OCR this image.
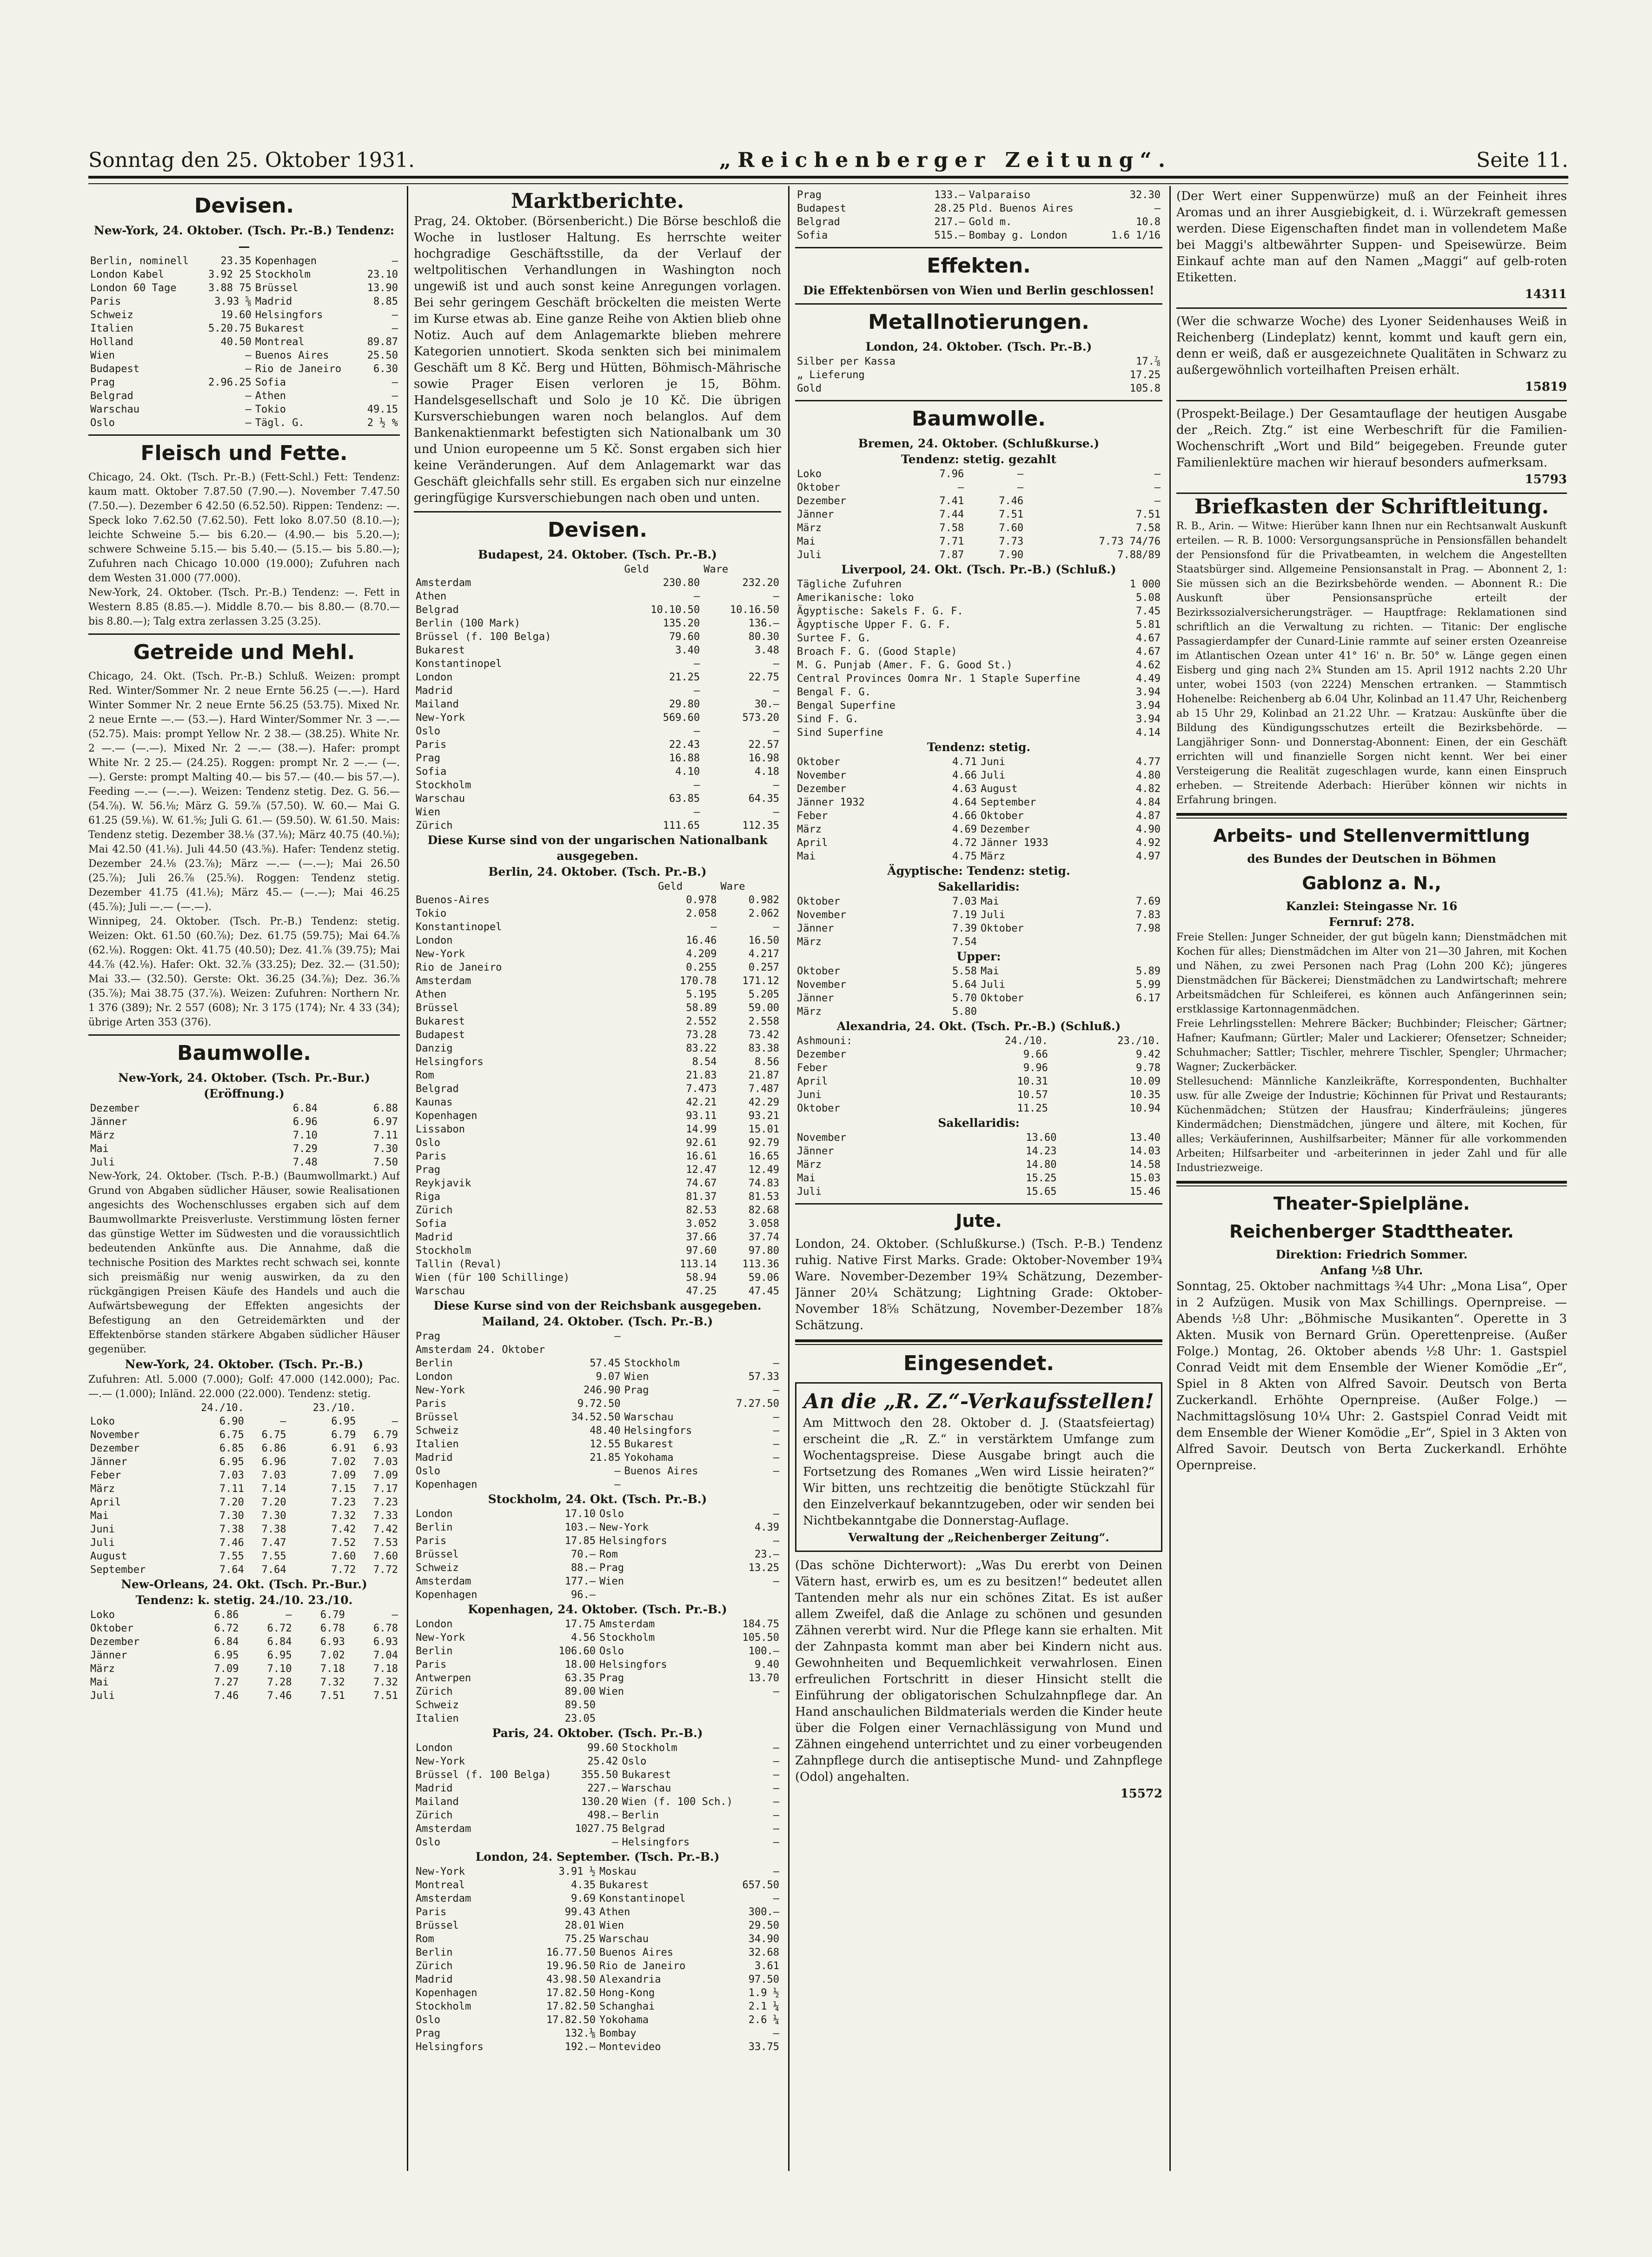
Sonntag den 25. Oktober 1931.	„Reichenberger Zeitung“.	Seite 11.
Devisen.
New-York, 24. Oktober. (Tsch. Pr.-B.) Tendenz: —
Berlin, nominell	23.35	Kopenhagen	—
London Kabel	3.92 25	Stockholm	23.10
London 60 Tage	3.88 75	Brüssel	13.90
Paris	3.93 ⅝	Madrid	8.85
Schweiz	19.60	Helsingfors	—
Italien	5.20.75	Bukarest	—
Holland	40.50	Montreal	89.87
Wien	—	Buenos Aires	25.50
Budapest	—	Rio de Janeiro	6.30
Prag	2.96.25	Sofia	—
Belgrad	—	Athen	—
Warschau	—	Tokio	49.15
Oslo	—	Tägl. G.	2 ½ %
Fleisch und Fette.

Chicago, 24. Okt. (Tsch. Pr.-B.) (Fett-Schl.) Fett: Tendenz: kaum matt. Oktober 7.87.50 (7.90.—). November 7.47.50 (7.50.—). Dezember 6 42.50 (6.52.50). Rippen: Tendenz: —. Speck loko 7.62.50 (7.62.50). Fett loko 8.07.50 (8.10.—); leichte Schweine 5.— bis 6.20.— (4.90.— bis 5.20.—); schwere Schweine 5.15.— bis 5.40.— (5.15.— bis 5.80.—); Zufuhren nach Chicago 10.000 (19.000); Zufuhren nach dem Westen 31.000 (77.000).

New-York, 24. Oktober. (Tsch. Pr.-B.) Tendenz: —. Fett in Western 8.85 (8.85.—). Middle 8.70.— bis 8.80.— (8.70.— bis 8.80.—); Talg extra zerlassen 3.25 (3.25).

Getreide und Mehl.

Chicago, 24. Okt. (Tsch. Pr.-B.) Schluß. Weizen: prompt Red. Winter/Sommer Nr. 2 neue Ernte 56.25 (—.—). Hard Winter Sommer Nr. 2 neue Ernte 56.25 (53.75). Mixed Nr. 2 neue Ernte —.— (53.—). Hard Winter/Sommer Nr. 3 —.— (52.75). Mais: prompt Yellow Nr. 2 38.— (38.25). White Nr. 2 —.— (—.—). Mixed Nr. 2 —.— (38.—). Hafer: prompt White Nr. 2 25.— (24.25). Roggen: prompt Nr. 2 —.— (—.—). Gerste: prompt Malting 40.— bis 57.— (40.— bis 57.—). Feeding —.— (—.—). Weizen: Tendenz stetig. Dez. G. 56.— (54.⅞). W. 56.⅛; März G. 59.⅞ (57.50). W. 60.— Mai G. 61.25 (59.⅛). W. 61.⅝; Juli G. 61.— (59.50). W. 61.50. Mais: Tendenz stetig. Dezember 38.⅛ (37.⅛); März 40.75 (40.⅛); Mai 42.50 (41.⅛). Juli 44.50 (43.⅝). Hafer: Tendenz stetig. Dezember 24.⅛ (23.⅞); März —.— (—.—); Mai 26.50 (25.⅞); Juli 26.⅞ (25.⅝). Roggen: Tendenz stetig. Dezember 41.75 (41.⅛); März 45.— (—.—); Mai 46.25 (45.⅞); Juli —.— (—.—).

Winnipeg, 24. Oktober. (Tsch. Pr.-B.) Tendenz: stetig. Weizen: Okt. 61.50 (60.⅞); Dez. 61.75 (59.75); Mai 64.⅞ (62.⅛). Roggen: Okt. 41.75 (40.50); Dez. 41.⅞ (39.75); Mai 44.⅞ (42.⅛). Hafer: Okt. 32.⅞ (33.25); Dez. 32.— (31.50); Mai 33.— (32.50). Gerste: Okt. 36.25 (34.⅞); Dez. 36.⅞ (35.⅞); Mai 38.75 (37.⅞). Weizen: Zufuhren: Northern Nr. 1 376 (389); Nr. 2 557 (608); Nr. 3 175 (174); Nr. 4 33 (34); übrige Arten 353 (376).

Baumwolle.
New-York, 24. Oktober. (Tsch. Pr.-Bur.) (Eröffnung.)
Dezember	6.84	6.88
Jänner	6.96	6.97
März	7.10	7.11
Mai	7.29	7.30
Juli	7.48	7.50

New-York, 24. Oktober. (Tsch. P.-B.) (Baumwollmarkt.) Auf Grund von Abgaben südlicher Häuser, sowie Realisationen angesichts des Wochenschlusses ergaben sich auf dem Baumwollmarkte Preisverluste. Verstimmung lösten ferner das günstige Wetter im Südwesten und die voraussichtlich bedeutenden Ankünfte aus. Die Annahme, daß die technische Position des Marktes recht schwach sei, konnte sich preismäßig nur wenig auswirken, da zu den rückgängigen Preisen Käufe des Handels und auch die Aufwärtsbewegung der Effekten angesichts der Befestigung an den Getreidemärkten und der Effektenbörse standen stärkere Abgaben südlicher Häuser gegenüber.

New-York, 24. Oktober. (Tsch. Pr.-B.)

Zufuhren: Atl. 5.000 (7.000); Golf: 47.000 (142.000); Pac. —.— (1.000); Inländ. 22.000 (22.000). Tendenz: stetig.

	24./10.		23./10.	
Loko	6.90	—	6.95	—
November	6.75	6.75	6.79	6.79
Dezember	6.85	6.86	6.91	6.93
Jänner	6.95	6.96	7.02	7.03
Feber	7.03	7.03	7.09	7.09
März	7.11	7.14	7.15	7.17
April	7.20	7.20	7.23	7.23
Mai	7.30	7.30	7.32	7.33
Juni	7.38	7.38	7.42	7.42
Juli	7.46	7.47	7.52	7.53
August	7.55	7.55	7.60	7.60
September	7.64	7.64	7.72	7.72
New-Orleans, 24. Okt. (Tsch. Pr.-Bur.)
Tendenz: k. stetig. 24./10. 23./10.
Loko	6.86	—	6.79	—
Oktober	6.72	6.72	6.78	6.78
Dezember	6.84	6.84	6.93	6.93
Jänner	6.95	6.95	7.02	7.04
März	7.09	7.10	7.18	7.18
Mai	7.27	7.28	7.32	7.32
Juli	7.46	7.46	7.51	7.51
Marktberichte.

Prag, 24. Oktober. (Börsenbericht.) Die Börse beschloß die Woche in lustloser Haltung. Es herrschte weiter hochgradige Geschäftsstille, da der Verlauf der weltpolitischen Verhandlungen in Washington noch ungewiß ist und auch sonst keine Anregungen vorlagen. Bei sehr geringem Geschäft bröckelten die meisten Werte im Kurse etwas ab. Eine ganze Reihe von Aktien blieb ohne Notiz. Auch auf dem Anlagemarkte blieben mehrere Kategorien unnotiert. Skoda senkten sich bei minimalem Geschäft um 8 Kč. Berg und Hütten, Böhmisch-Mährische sowie Prager Eisen verloren je 15, Böhm. Handelsgesellschaft und Solo je 10 Kč. Die übrigen Kursverschiebungen waren noch belanglos. Auf dem Bankenaktienmarkt befestigten sich Nationalbank um 30 und Union europeenne um 5 Kč. Sonst ergaben sich hier keine Veränderungen. Auf dem Anlagemarkt war das Geschäft gleichfalls sehr still. Es ergaben sich nur einzelne geringfügige Kursverschiebungen nach oben und unten.

Devisen.
Budapest, 24. Oktober. (Tsch. Pr.-B.)
	Geld	Ware
Amsterdam	230.80	232.20
Athen	—	—
Belgrad	10.10.50	10.16.50
Berlin (100 Mark)	135.20	136.—
Brüssel (f. 100 Belga)	79.60	80.30
Bukarest	3.40	3.48
Konstantinopel	—	—
London	21.25	22.75
Madrid	—	—
Mailand	29.80	30.—
New-York	569.60	573.20
Oslo	—	—
Paris	22.43	22.57
Prag	16.88	16.98
Sofia	4.10	4.18
Stockholm	—	—
Warschau	63.85	64.35
Wien	—	—
Zürich	111.65	112.35
Diese Kurse sind von der ungarischen Nationalbank ausgegeben.
Berlin, 24. Oktober. (Tsch. Pr.-B.)
	Geld	Ware
Buenos-Aires	0.978	0.982
Tokio	2.058	2.062
Konstantinopel	—	—
London	16.46	16.50
New-York	4.209	4.217
Rio de Janeiro	0.255	0.257
Amsterdam	170.78	171.12
Athen	5.195	5.205
Brüssel	58.89	59.00
Bukarest	2.552	2.558
Budapest	73.28	73.42
Danzig	83.22	83.38
Helsingfors	8.54	8.56
Rom	21.83	21.87
Belgrad	7.473	7.487
Kaunas	42.21	42.29
Kopenhagen	93.11	93.21
Lissabon	14.99	15.01
Oslo	92.61	92.79
Paris	16.61	16.65
Prag	12.47	12.49
Reykjavik	74.67	74.83
Riga	81.37	81.53
Zürich	82.53	82.68
Sofia	3.052	3.058
Madrid	37.66	37.74
Stockholm	97.60	97.80
Tallin (Reval)	113.14	113.36
Wien (für 100 Schillinge)	58.94	59.06
Warschau	47.25	47.45
Diese Kurse sind von der Reichsbank ausgegeben.
Mailand, 24. Oktober. (Tsch. Pr.-B.)
Prag	—		
Amsterdam 24. Oktober			
Berlin	57.45	Stockholm	—
London	9.07	Wien	57.33
New-York	246.90	Prag	—
Paris	9.72.50		7.27.50
Brüssel	34.52.50	Warschau	—
Schweiz	48.40	Helsingfors	—
Italien	12.55	Bukarest	—
Madrid	21.85	Yokohama	—
Oslo	—	Buenos Aires	—
Kopenhagen	—		
Stockholm, 24. Okt. (Tsch. Pr.-B.)
London	17.10	Oslo	—
Berlin	103.—	New-York	4.39
Paris	17.85	Helsingfors	—
Brüssel	70.—	Rom	23.—
Schweiz	88.—	Prag	13.25
Amsterdam	177.—	Wien	—
Kopenhagen	96.—		
Kopenhagen, 24. Oktober. (Tsch. Pr.-B.)
London	17.75	Amsterdam	184.75
New-York	4.56	Stockholm	105.50
Berlin	106.60	Oslo	100.—
Paris	18.00	Helsingfors	9.40
Antwerpen	63.35	Prag	13.70
Zürich	89.00	Wien	—
Schweiz	89.50		
Italien	23.05		
Paris, 24. Oktober. (Tsch. Pr.-B.)
London	99.60	Stockholm	—
New-York	25.42	Oslo	—
Brüssel (f. 100 Belga)	355.50	Bukarest	—
Madrid	227.—	Warschau	—
Mailand	130.20	Wien (f. 100 Sch.)	—
Zürich	498.—	Berlin	—
Amsterdam	1027.75	Belgrad	—
Oslo	—	Helsingfors	—
London, 24. September. (Tsch. Pr.-B.)
New-York	3.91 ½	Moskau	—
Montreal	4.35	Bukarest	657.50
Amsterdam	9.69	Konstantinopel	—
Paris	99.43	Athen	300.—
Brüssel	28.01	Wien	29.50
Rom	75.25	Warschau	34.90
Berlin	16.77.50	Buenos Aires	32.68
Zürich	19.96.50	Rio de Janeiro	3.61
Madrid	43.98.50	Alexandria	97.50
Kopenhagen	17.82.50	Hong-Kong	1.9 ½
Stockholm	17.82.50	Schanghai	2.1 ¼
Oslo	17.82.50	Yokohama	2.6 ¼
Prag	132.⅛	Bombay	—
Helsingfors	192.—	Montevideo	33.75
Prag	133.—	Valparaiso	32.30
Budapest	28.25	Pld. Buenos Aires	—
Belgrad	217.—	Gold m.	10.8
Sofia	515.—	Bombay g. London	1.6 1/16
Effekten.
Die Effektenbörsen von Wien und Berlin geschlossen!
Metallnotierungen.
London, 24. Oktober. (Tsch. Pr.-B.)
Silber per Kassa	17.⅞
„ Lieferung	17.25
Gold	105.8
Baumwolle.
Bremen, 24. Oktober. (Schlußkurse.)
Tendenz: stetig. gezahlt
Loko	7.96	—	—
Oktober	—	—	—
Dezember	7.41	7.46	—
Jänner	7.44	7.51	7.51
März	7.58	7.60	7.58
Mai	7.71	7.73	7.73 74/76
Juli	7.87	7.90	7.88/89
Liverpool, 24. Okt. (Tsch. Pr.-B.) (Schluß.)
Tägliche Zufuhren	1 000
Amerikanische: loko	5.08
Ägyptische: Sakels F. G. F.	7.45
Ägyptische Upper F. G. F.	5.81
Surtee F. G.	4.67
Broach F. G. (Good Staple)	4.67
M. G. Punjab (Amer. F. G. Good St.)	4.62
Central Provinces Oomra Nr. 1 Staple Superfine	4.49
Bengal F. G.	3.94
Bengal Superfine	3.94
Sind F. G.	3.94
Sind Superfine	4.14
Tendenz: stetig.
Oktober	4.71	Juni	4.77
November	4.66	Juli	4.80
Dezember	4.63	August	4.82
Jänner 1932	4.64	September	4.84
Feber	4.66	Oktober	4.87
März	4.69	Dezember	4.90
April	4.72	Jänner 1933	4.92
Mai	4.75	März	4.97
Ägyptische: Tendenz: stetig.
Sakellaridis:
Oktober	7.03	Mai	7.69
November	7.19	Juli	7.83
Jänner	7.39	Oktober	7.98
März	7.54		
Upper:
Oktober	5.58	Mai	5.89
November	5.64	Juli	5.99
Jänner	5.70	Oktober	6.17
März	5.80		
Alexandria, 24. Okt. (Tsch. Pr.-B.) (Schluß.)
Ashmouni:	24./10.	23./10.
Dezember	9.66	9.42
Feber	9.96	9.78
April	10.31	10.09
Juni	10.57	10.35
Oktober	11.25	10.94
Sakellaridis:
November	13.60	13.40
Jänner	14.23	14.03
März	14.80	14.58
Mai	15.25	15.03
Juli	15.65	15.46
Jute.

London, 24. Oktober. (Schlußkurse.) (Tsch. P.-B.) Tendenz ruhig. Native First Marks. Grade: Oktober-November 19¾ Ware. November-Dezember 19¾ Schätzung, Dezember-Jänner 20¼ Schätzung; Lightning Grade: Oktober-November 18⅝ Schätzung, November-Dezember 18⅞ Schätzung.

Eingesendet.
An die „R. Z.“-Verkaufsstellen!

Am Mittwoch den 28. Oktober d. J. (Staatsfeiertag) erscheint die „R. Z.“ in verstärktem Umfange zum Wochentagspreise. Diese Ausgabe bringt auch die Fortsetzung des Romanes „Wen wird Lissie heiraten?“ Wir bitten, uns rechtzeitig die benötigte Stückzahl für den Einzelverkauf bekanntzugeben, oder wir senden bei Nichtbekanntgabe die Donnerstag-Auflage.

Verwaltung der „Reichenberger Zeitung“.

(Das schöne Dichterwort): „Was Du ererbt von Deinen Vätern hast, erwirb es, um es zu besitzen!“ bedeutet allen Tantenden mehr als nur ein schönes Zitat. Es ist außer allem Zweifel, daß die Anlage zu schönen und gesunden Zähnen vererbt wird. Nur die Pflege kann sie erhalten. Mit der Zahnpasta kommt man aber bei Kindern nicht aus. Gewohnheiten und Bequemlichkeit verwahrlosen. Einen erfreulichen Fortschritt in dieser Hinsicht stellt die Einführung der obligatorischen Schulzahnpflege dar. An Hand anschaulichen Bildmaterials werden die Kinder heute über die Folgen einer Vernachlässigung von Mund und Zähnen eingehend unterrichtet und zu einer vorbeugenden Zahnpflege durch die antiseptische Mund- und Zahnpflege (Odol) angehalten.

15572

(Der Wert einer Suppenwürze) muß an der Feinheit ihres Aromas und an ihrer Ausgiebigkeit, d. i. Würzekraft gemessen werden. Diese Eigenschaften findet man in vollendetem Maße bei Maggi's altbewährter Suppen- und Speisewürze. Beim Einkauf achte man auf den Namen „Maggi“ auf gelb-roten Etiketten.

14311

(Wer die schwarze Woche) des Lyoner Seidenhauses Weiß in Reichenberg (Lindeplatz) kennt, kommt und kauft gern ein, denn er weiß, daß er ausgezeichnete Qualitäten in Schwarz zu außergewöhnlich vorteilhaften Preisen erhält.

15819

(Prospekt-Beilage.) Der Gesamtauflage der heutigen Ausgabe der „Reich. Ztg.“ ist eine Werbeschrift für die Familien-Wochenschrift „Wort und Bild“ beigegeben. Freunde guter Familienlektüre machen wir hierauf besonders aufmerksam.

15793
Briefkasten der Schriftleitung.

R. B., Arin. — Witwe: Hierüber kann Ihnen nur ein Rechtsanwalt Auskunft erteilen. — R. B. 1000: Versorgungsansprüche in Pensionsfällen behandelt der Pensionsfond für die Privatbeamten, in welchem die Angestellten Staatsbürger sind. Allgemeine Pensionsanstalt in Prag. — Abonnent 2, 1: Sie müssen sich an die Bezirksbehörde wenden. — Abonnent R.: Die Auskunft über Pensionsansprüche erteilt der Bezirkssozialversicherungsträger. — Hauptfrage: Reklamationen sind schriftlich an die Verwaltung zu richten. — Titanic: Der englische Passagierdampfer der Cunard-Linie rammte auf seiner ersten Ozeanreise im Atlantischen Ozean unter 41° 16' n. Br. 50° w. Länge gegen einen Eisberg und ging nach 2¾ Stunden am 15. April 1912 nachts 2.20 Uhr unter, wobei 1503 (von 2224) Menschen ertranken. — Stammtisch Hohenelbe: Reichenberg ab 6.04 Uhr, Kolinbad an 11.47 Uhr, Reichenberg ab 15 Uhr 29, Kolinbad an 21.22 Uhr. — Kratzau: Auskünfte über die Bildung des Kündigungsschutzes erteilt die Bezirksbehörde. — Langjähriger Sonn- und Donnerstag-Abonnent: Einen, der ein Geschäft errichten will und finanzielle Sorgen nicht kennt. Wer bei einer Versteigerung die Realität zugeschlagen wurde, kann einen Einspruch erheben. — Streitende Aderbach: Hierüber können wir nichts in Erfahrung bringen.

Arbeits- und Stellenvermittlung
des Bundes der Deutschen in Böhmen
Gablonz a. N.,
Kanzlei: Steingasse Nr. 16
Fernruf: 278.

Freie Stellen: Junger Schneider, der gut bügeln kann; Dienstmädchen mit Kochen für alles; Dienstmädchen im Alter von 21—30 Jahren, mit Kochen und Nähen, zu zwei Personen nach Prag (Lohn 200 Kč); jüngeres Dienstmädchen für Bäckerei; Dienstmädchen zu Landwirtschaft; mehrere Arbeitsmädchen für Schleiferei, es können auch Anfängerinnen sein; erstklassige Kartonnagenmädchen.

Freie Lehrlingsstellen: Mehrere Bäcker; Buchbinder; Fleischer; Gärtner; Hafner; Kaufmann; Gürtler; Maler und Lackierer; Ofensetzer; Schneider; Schuhmacher; Sattler; Tischler, mehrere Tischler, Spengler; Uhrmacher; Wagner; Zuckerbäcker.

Stellesuchend: Männliche Kanzleikräfte, Korrespondenten, Buchhalter usw. für alle Zweige der Industrie; Köchinnen für Privat und Restaurants; Küchenmädchen; Stützen der Hausfrau; Kinderfräuleins; jüngeres Kindermädchen; Dienstmädchen, jüngere und ältere, mit Kochen, für alles; Verkäuferinnen, Aushilfsarbeiter; Männer für alle vorkommenden Arbeiten; Hilfsarbeiter und -arbeiterinnen in jeder Zahl und für alle Industriezweige.

Theater-Spielpläne.
Reichenberger Stadttheater.
Direktion: Friedrich Sommer.
Anfang ½8 Uhr.

Sonntag, 25. Oktober nachmittags ¾4 Uhr: „Mona Lisa“, Oper in 2 Aufzügen. Musik von Max Schillings. Opernpreise. — Abends ½8 Uhr: „Böhmische Musikanten“. Operette in 3 Akten. Musik von Bernard Grün. Operettenpreise. (Außer Folge.) Montag, 26. Oktober abends ½8 Uhr: 1. Gastspiel Conrad Veidt mit dem Ensemble der Wiener Komödie „Er“, Spiel in 8 Akten von Alfred Savoir. Deutsch von Berta Zuckerkandl. Erhöhte Opernpreise. (Außer Folge.) — Nachmittagslösung 10¼ Uhr: 2. Gastspiel Conrad Veidt mit dem Ensemble der Wiener Komödie „Er“, Spiel in 3 Akten von Alfred Savoir. Deutsch von Berta Zuckerkandl. Erhöhte Opernpreise.
